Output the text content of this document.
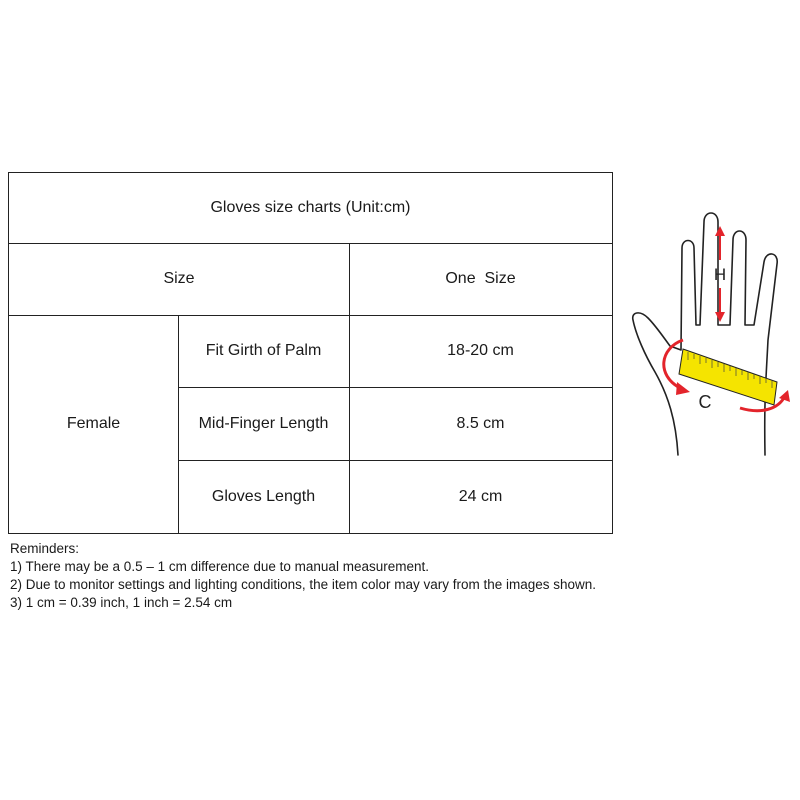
Gloves size charts (Unit:cm)
Size	One  Size
Female
Fit Girth of Palm	18-20 cm
Mid-Finger Length	8.5 cm
Gloves Length	24 cm
Reminders:
1) There may be a 0.5 – 1 cm difference due to manual measurement.
2) Due to monitor settings and lighting conditions, the item color may vary from the images shown.
3) 1 cm = 0.39 inch, 1 inch = 2.54 cm
H
C
